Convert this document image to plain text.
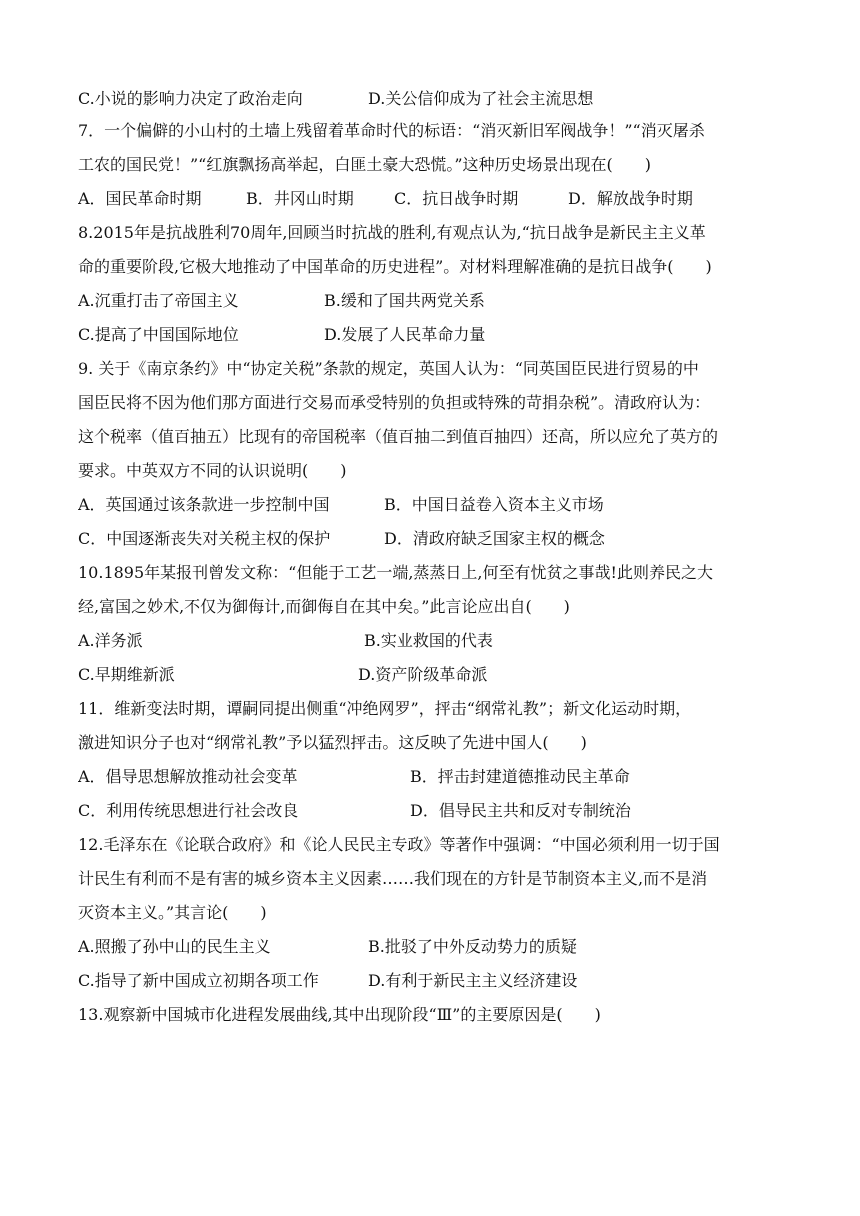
C.小说的影响力决定了政治走向	D.关公信仰成为了社会主流思想
7．一个偏僻的小山村的土墙上残留着革命时代的标语：“消灭新旧军阀战争！”“消灭屠杀
工农的国民党！”“红旗飘扬高举起，白匪土豪大恐慌。”这种历史场景出现在(　　)
A．国民革命时期	B．井冈山时期	C．抗日战争时期	D．解放战争时期
8.2015年是抗战胜利70周年,回顾当时抗战的胜利,有观点认为,“抗日战争是新民主主义革
命的重要阶段,它极大地推动了中国革命的历史进程”。对材料理解准确的是抗日战争(　　)
A.沉重打击了帝国主义	B.缓和了国共两党关系
C.提高了中国国际地位	D.发展了人民革命力量
9. 关于《南京条约》中“协定关税”条款的规定，英国人认为：“同英国臣民进行贸易的中
国臣民将不因为他们那方面进行交易而承受特别的负担或特殊的苛捐杂税”。清政府认为：
这个税率（值百抽五）比现有的帝国税率（值百抽二到值百抽四）还高，所以应允了英方的
要求。中英双方不同的认识说明(　　)
A．英国通过该条款进一步控制中国	B．中国日益卷入资本主义市场
C．中国逐渐丧失对关税主权的保护	D．清政府缺乏国家主权的概念
10.1895年某报刊曾发文称：“但能于工艺一端,蒸蒸日上,何至有忧贫之事哉!此则养民之大
经,富国之妙术,不仅为御侮计,而御侮自在其中矣。”此言论应出自(　　)
A.洋务派	B.实业救国的代表
C.早期维新派	D.资产阶级革命派
11．维新变法时期，谭嗣同提出侧重“冲绝网罗”，抨击“纲常礼教”；新文化运动时期，
激进知识分子也对“纲常礼教”予以猛烈抨击。这反映了先进中国人(　　)
A．倡导思想解放推动社会变革	B．抨击封建道德推动民主革命
C．利用传统思想进行社会改良	D．倡导民主共和反对专制统治
12.毛泽东在《论联合政府》和《论人民民主专政》等著作中强调：“中国必须利用一切于国
计民生有利而不是有害的城乡资本主义因素……我们现在的方针是节制资本主义,而不是消
灭资本主义。”其言论(　　)
A.照搬了孙中山的民生主义	B.批驳了中外反动势力的质疑
C.指导了新中国成立初期各项工作	D.有利于新民主主义经济建设
13.观察新中国城市化进程发展曲线,其中出现阶段“Ⅲ”的主要原因是(　　)
